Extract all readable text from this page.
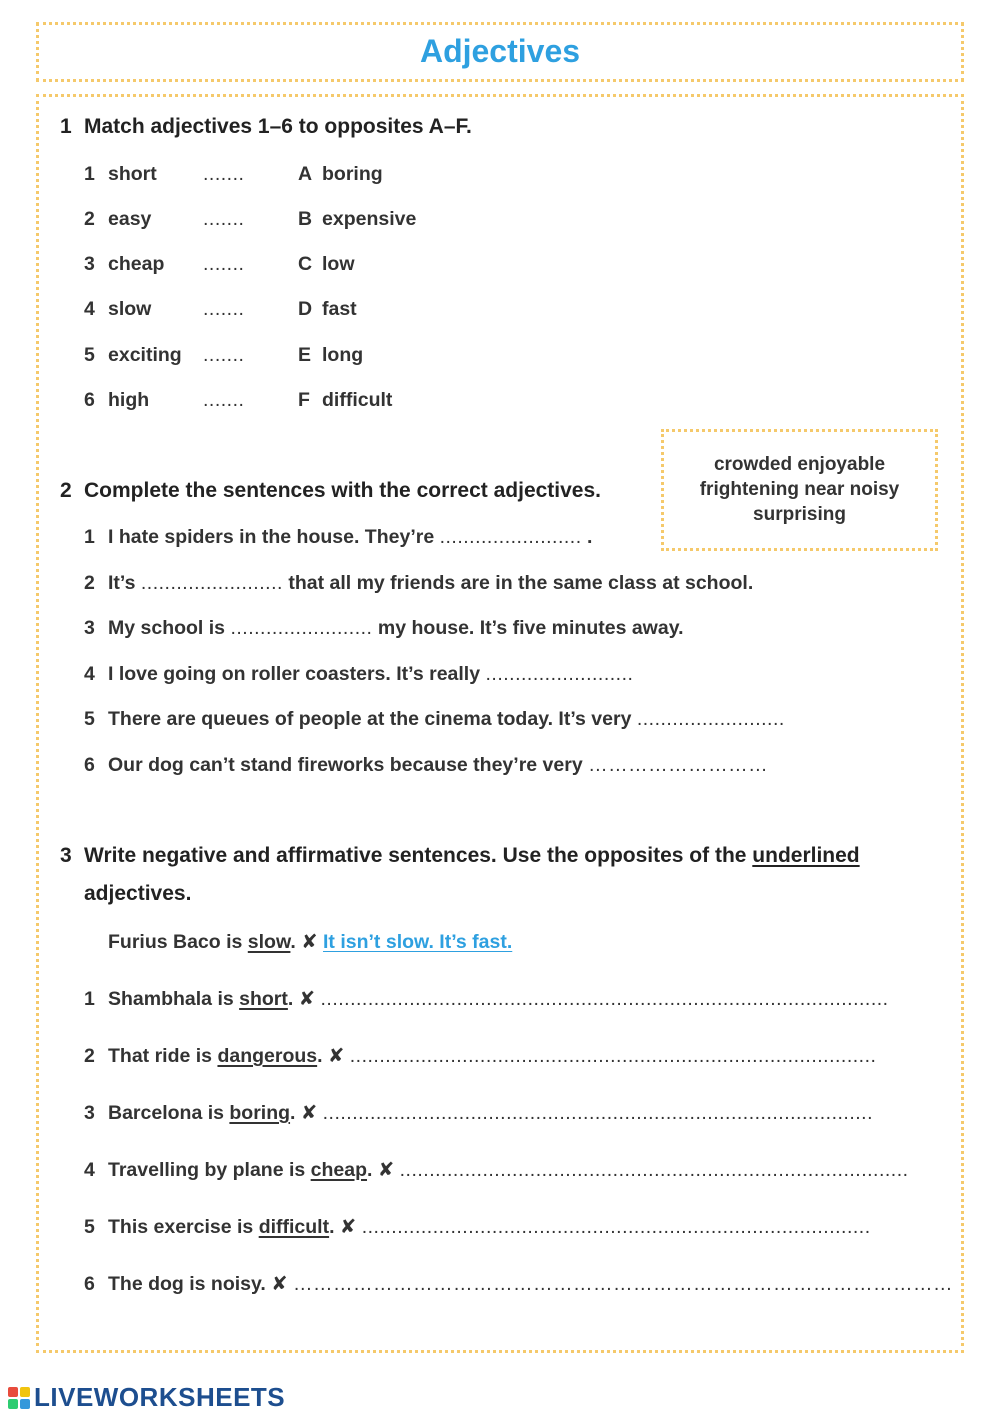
Adjectives
1 Match adjectives 1–6 to opposites A–F.
1 short .......	A boring
2 easy	.......	B expensive
3 cheap .......	C low
4 slow	.......	D fast
5 exciting .......	E long
6 high	.......	F difficult
crowded enjoyable
frightening near noisy
surprising
2 Complete the sentences with the correct adjectives.
1 I hate spiders in the house. They’re ........................ .
2 It’s ........................ that all my friends are in the same class at school.
3 My school is ........................ my house. It’s five minutes away.
4 I love going on roller coasters. It’s really .........................
5 There are queues of people at the cinema today. It’s very .........................
6 Our dog can’t stand fireworks because they’re very ………………………
3 Write negative and affirmative sentences. Use the opposites of the underlined
adjectives.
Furius Baco is slow. ✘ It isn’t slow. It’s fast.
1 Shambhala is short. ✘ ................................................................................................
2 That ride is dangerous. ✘ .........................................................................................
3 Barcelona is boring. ✘ .............................................................................................
4 Travelling by plane is cheap. ✘ ......................................................................................
5 This exercise is difficult. ✘ ......................................................................................
6 The dog is noisy. ✘ ………………………………………………………………………………………
LIVEWORKSHEETS
